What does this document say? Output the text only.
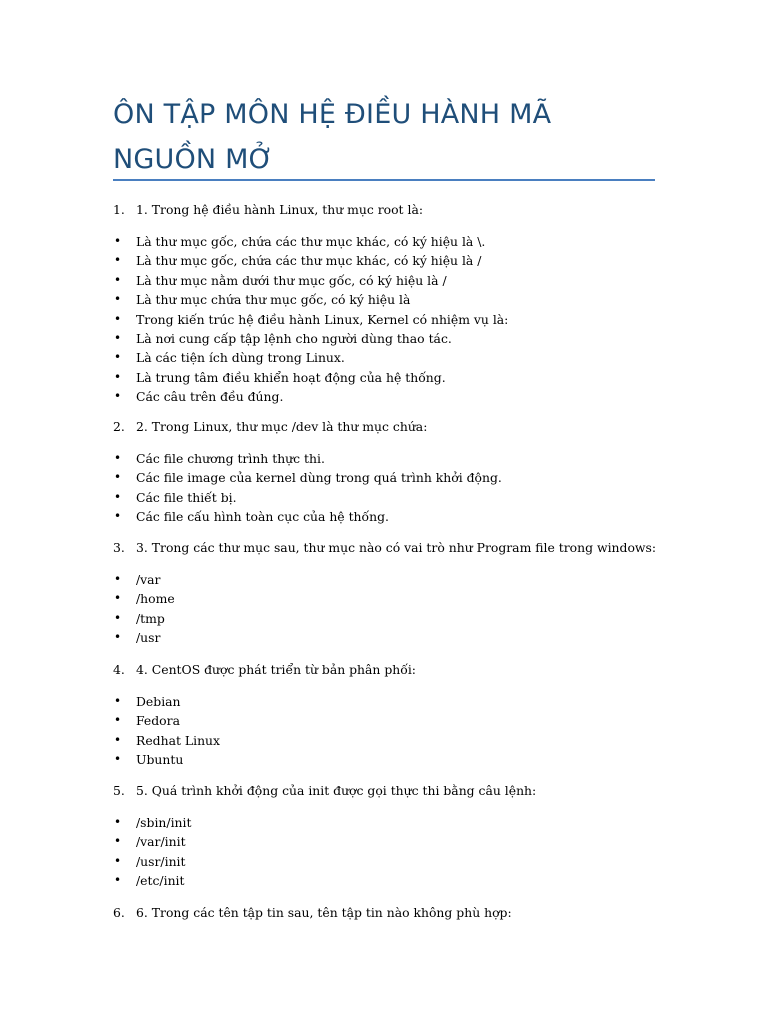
ÔN TẬP MÔN HỆ ĐIỀU HÀNH MÃ NGUỒN MỞ
1. 1. Trong hệ điều hành Linux, thư mục root là:
• Là thư mục gốc, chứa các thư mục khác, có ký hiệu là \.
• Là thư mục gốc, chứa các thư mục khác, có ký hiệu là /
• Là thư mục nằm dưới thư mục gốc, có ký hiệu là /
• Là thư mục chứa thư mục gốc, có ký hiệu là
• Trong kiến trúc hệ điều hành Linux, Kernel có nhiệm vụ là:
• Là nơi cung cấp tập lệnh cho người dùng thao tác.
• Là các tiện ích dùng trong Linux.
• Là trung tâm điều khiển hoạt động của hệ thống.
• Các câu trên đều đúng.
2. 2. Trong Linux, thư mục /dev là thư mục chứa:
• Các file chương trình thực thi.
• Các file image của kernel dùng trong quá trình khởi động.
• Các file thiết bị.
• Các file cấu hình toàn cục của hệ thống.
3. 3. Trong các thư mục sau, thư mục nào có vai trò như Program file trong windows:
• /var
• /home
• /tmp
• /usr
4. 4. CentOS được phát triển từ bản phân phối:
• Debian
• Fedora
• Redhat Linux
• Ubuntu
5. 5. Quá trình khởi động của init được gọi thực thi bằng câu lệnh:
• /sbin/init
• /var/init
• /usr/init
• /etc/init
6. 6. Trong các tên tập tin sau, tên tập tin nào không phù hợp:
